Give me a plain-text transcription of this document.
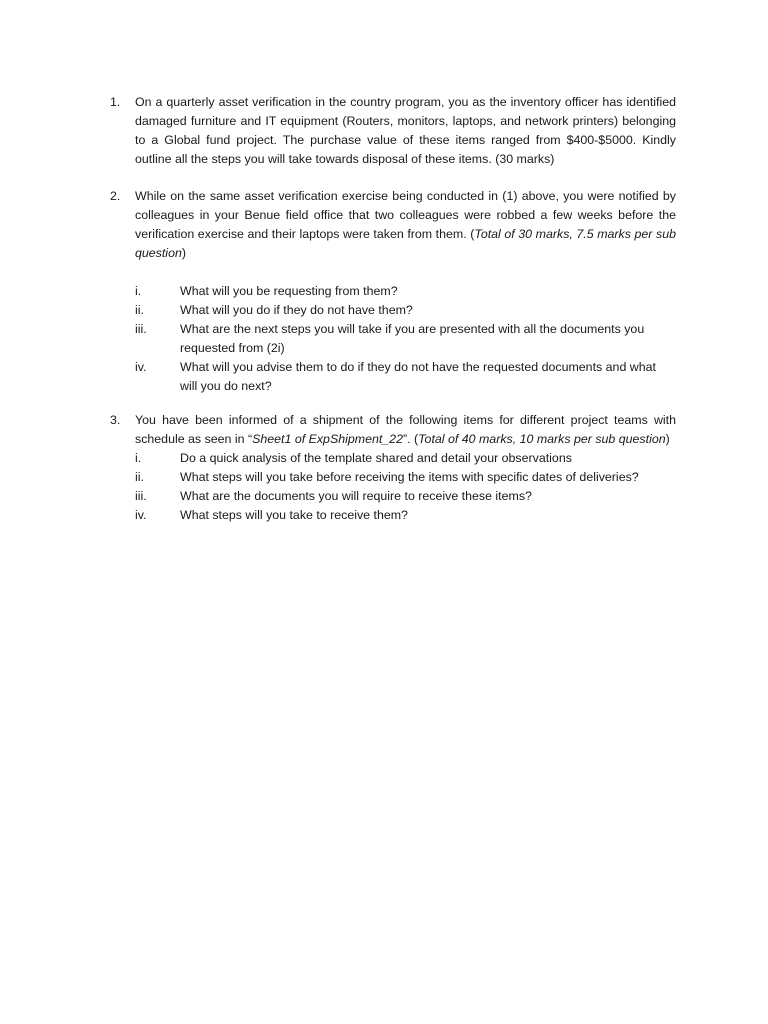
1.	On a quarterly asset verification in the country program, you as the inventory officer has identified damaged furniture and IT equipment (Routers, monitors, laptops, and network printers) belonging to a Global fund project. The purchase value of these items ranged from $400-$5000. Kindly outline all the steps you will take towards disposal of these items. (30 marks)
2.	While on the same asset verification exercise being conducted in (1) above, you were notified by colleagues in your Benue field office that two colleagues were robbed a few weeks before the verification exercise and their laptops were taken from them. (Total of 30 marks, 7.5 marks per sub question)
i.	What will you be requesting from them?
ii.	What will you do if they do not have them?
iii.	What are the next steps you will take if you are presented with all the documents you requested from (2i)
iv.	What will you advise them to do if they do not have the requested documents and what will you do next?
3.	You have been informed of a shipment of the following items for different project teams with schedule as seen in “Sheet1 of ExpShipment_22”. (Total of 40 marks, 10 marks per sub question)
i.	Do a quick analysis of the template shared and detail your observations
ii.	What steps will you take before receiving the items with specific dates of deliveries?
iii.	What are the documents you will require to receive these items?
iv.	What steps will you take to receive them?
